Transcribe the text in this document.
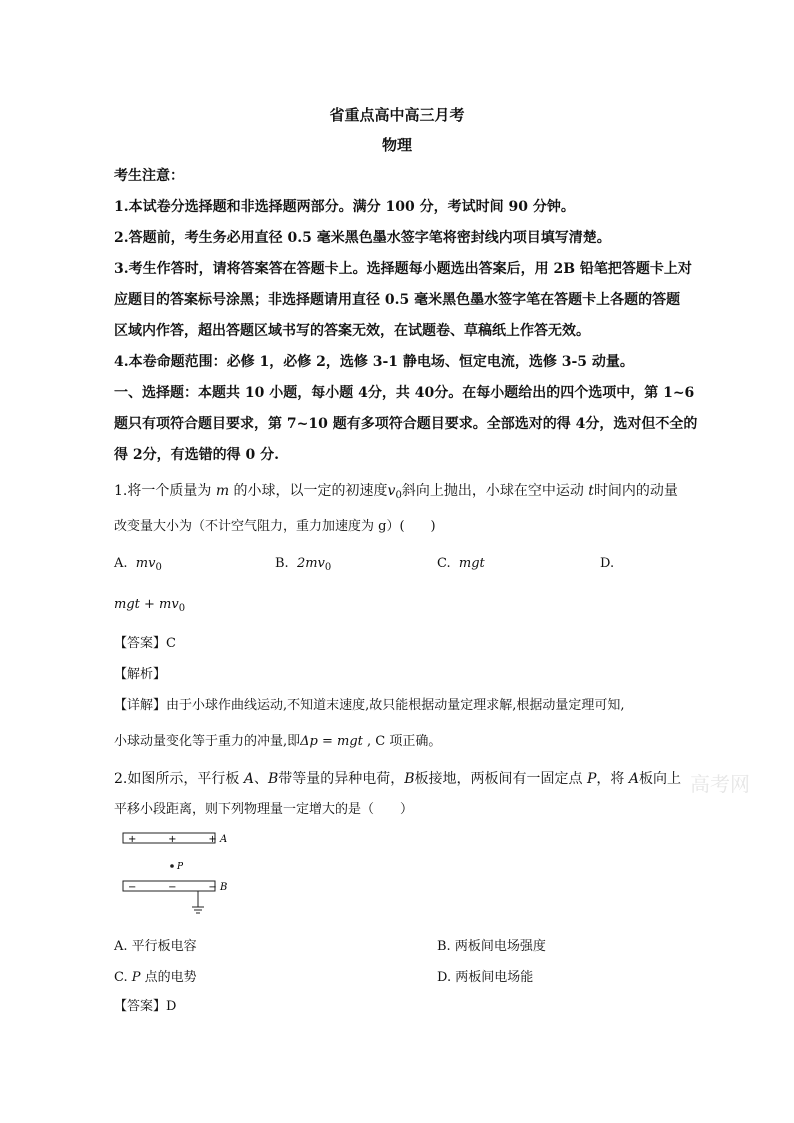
省重点高中高三月考
物理
考生注意：
1.本试卷分选择题和非选择题两部分。满分 100 分，考试时间 90 分钟。
2.答题前，考生务必用直径 0.5 毫米黑色墨水签字笔将密封线内项目填写清楚。
3.考生作答时，请将答案答在答题卡上。选择题每小题选出答案后，用 2B 铅笔把答题卡上对
应题目的答案标号涂黑；非选择题请用直径 0.5 毫米黑色墨水签字笔在答题卡上各题的答题
区域内作答，超出答题区域书写的答案无效，在试题卷、草稿纸上作答无效。
4.本卷命题范围：必修 1，必修 2，选修 3-1 静电场、恒定电流，选修 3-5 动量。
一、选择题：本题共 10 小题，每小题 4分，共 40分。在每小题给出的四个选项中，第 1~6
题只有项符合题目要求，第 7~10 题有多项符合题目要求。全部选对的得 4分，选对但不全的
得 2分，有选错的得 0 分.
1.将一个质量为 m 的小球，以一定的初速度$v_0$斜向上抛出，小球在空中运动 t时间内的动量
改变量大小为（不计空气阻力，重力加速度为 g）(　　)
A. $mv_0$	B. $2mv_0$	C. mgt	D.
mgt + $mv_0$
【答案】C
【解析】
【详解】由于小球作曲线运动,不知道末速度,故只能根据动量定理求解,根据动量定理可知,
小球动量变化等于重力的冲量,即Δp = mgt , C 项正确。
2.如图所示，平行板 A、B带等量的异种电荷，B板接地，两板间有一固定点 P，将 A板向上
平移小段距离，则下列物理量一定增大的是（　　）
+          +          + A
P
−          −          − B
A. 平行板电容	B. 两板间电场强度
C. P 点的电势	D. 两板间电场能
【答案】D
高考网
